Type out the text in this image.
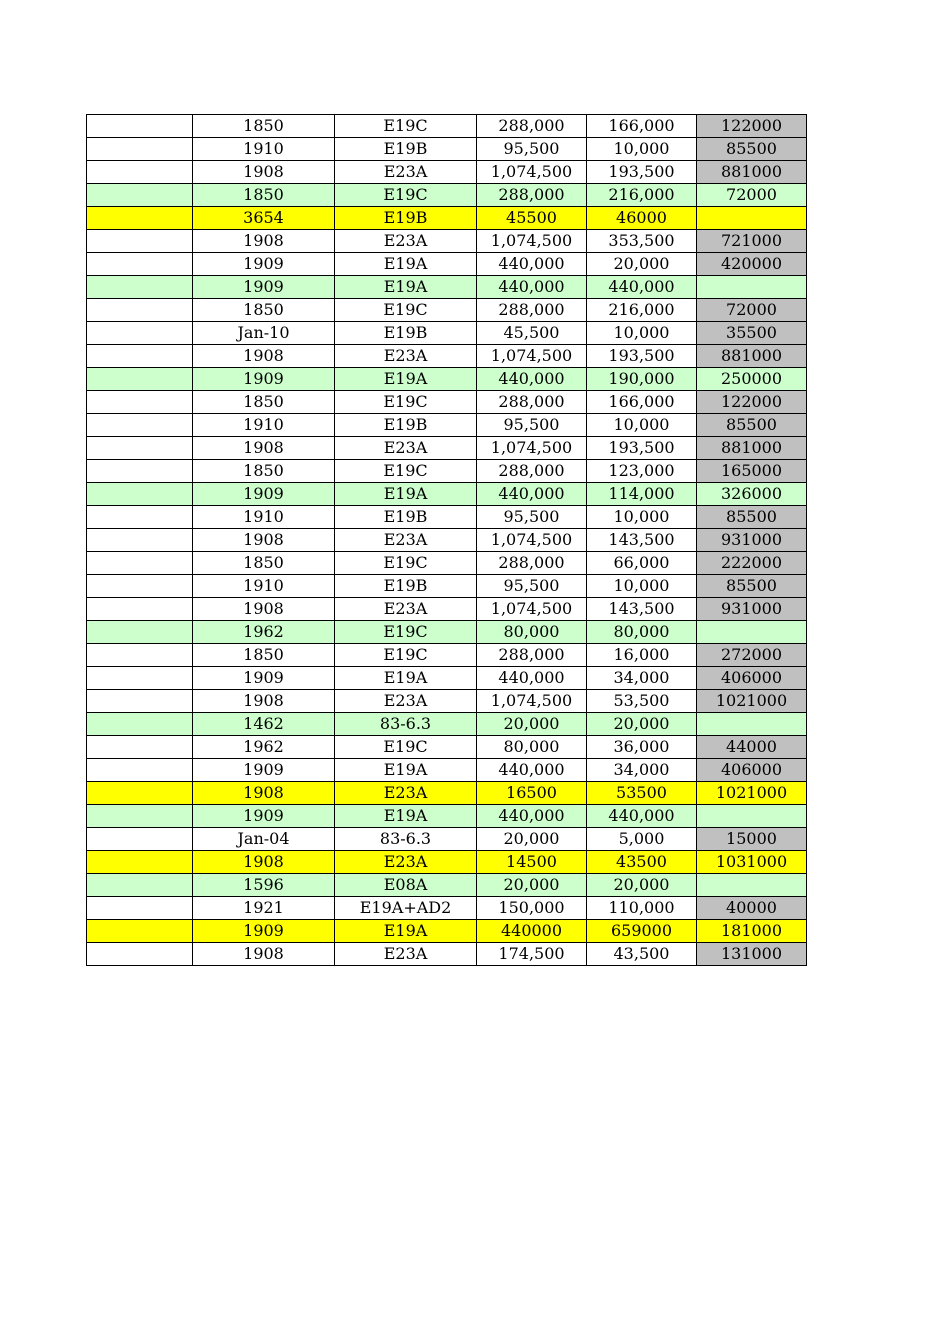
	1850	E19C	288,000	166,000	122000
	1910	E19B	95,500	10,000	85500
	1908	E23A	1,074,500	193,500	881000
	1850	E19C	288,000	216,000	72000
	3654	E19B	45500	46000	
	1908	E23A	1,074,500	353,500	721000
	1909	E19A	440,000	20,000	420000
	1909	E19A	440,000	440,000	
	1850	E19C	288,000	216,000	72000
	Jan-10	E19B	45,500	10,000	35500
	1908	E23A	1,074,500	193,500	881000
	1909	E19A	440,000	190,000	250000
	1850	E19C	288,000	166,000	122000
	1910	E19B	95,500	10,000	85500
	1908	E23A	1,074,500	193,500	881000
	1850	E19C	288,000	123,000	165000
	1909	E19A	440,000	114,000	326000
	1910	E19B	95,500	10,000	85500
	1908	E23A	1,074,500	143,500	931000
	1850	E19C	288,000	66,000	222000
	1910	E19B	95,500	10,000	85500
	1908	E23A	1,074,500	143,500	931000
	1962	E19C	80,000	80,000	
	1850	E19C	288,000	16,000	272000
	1909	E19A	440,000	34,000	406000
	1908	E23A	1,074,500	53,500	1021000
	1462	83-6.3	20,000	20,000	
	1962	E19C	80,000	36,000	44000
	1909	E19A	440,000	34,000	406000
	1908	E23A	16500	53500	1021000
	1909	E19A	440,000	440,000	
	Jan-04	83-6.3	20,000	5,000	15000
	1908	E23A	14500	43500	1031000
	1596	E08A	20,000	20,000	
	1921	E19A+AD2	150,000	110,000	40000
	1909	E19A	440000	659000	181000
	1908	E23A	174,500	43,500	131000
